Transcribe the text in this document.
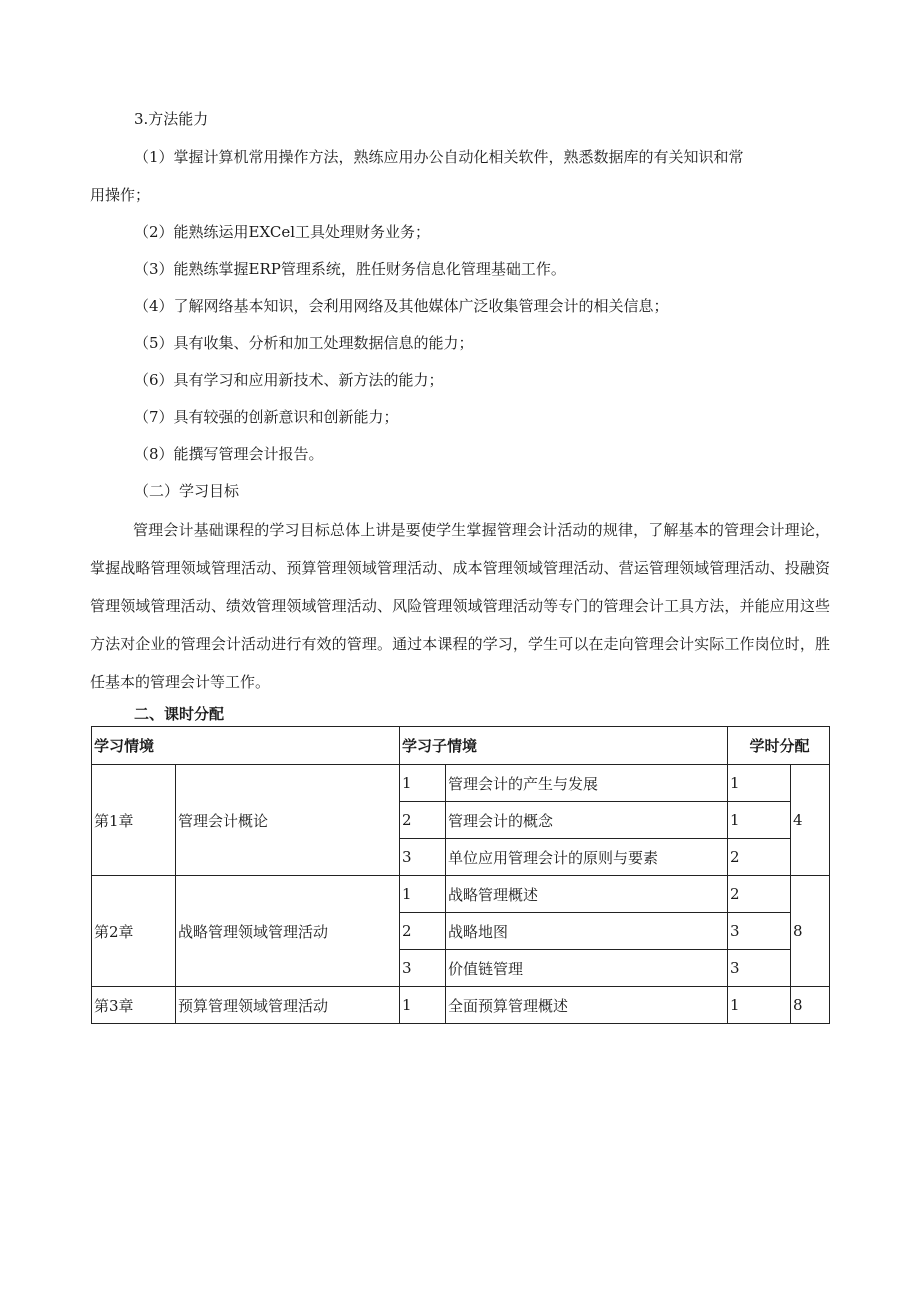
3.方法能力

（1）掌握计算机常用操作方法，熟练应用办公自动化相关软件，熟悉数据库的有关知识和常

用操作；

（2）能熟练运用EXCel工具处理财务业务；

（3）能熟练掌握ERP管理系统，胜任财务信息化管理基础工作。

（4）了解网络基本知识，会利用网络及其他媒体广泛收集管理会计的相关信息；

（5）具有收集、分析和加工处理数据信息的能力；

（6）具有学习和应用新技术、新方法的能力；

（7）具有较强的创新意识和创新能力；

（8）能撰写管理会计报告。

（二）学习目标

管理会计基础课程的学习目标总体上讲是要使学生掌握管理会计活动的规律，了解基本的管理会计理论，掌握战略管理领域管理活动、预算管理领域管理活动、成本管理领域管理活动、营运管理领域管理活动、投融资管理领域管理活动、绩效管理领域管理活动、风险管理领域管理活动等专门的管理会计工具方法，并能应用这些方法对企业的管理会计活动进行有效的管理。通过本课程的学习，学生可以在走向管理会计实际工作岗位时，胜任基本的管理会计等工作。

二、课时分配

学习情境		学习子情境		学时分配	
第1章	管理会计概论	1	管理会计的产生与发展	1	4
		2	管理会计的概念	1	
		3	单位应用管理会计的原则与要素	2	
第2章	战略管理领域管理活动	1	战略管理概述	2	8
		2	战略地图	3	
		3	价值链管理	3	
第3章	预算管理领域管理活动	1	全面预算管理概述	1	8
